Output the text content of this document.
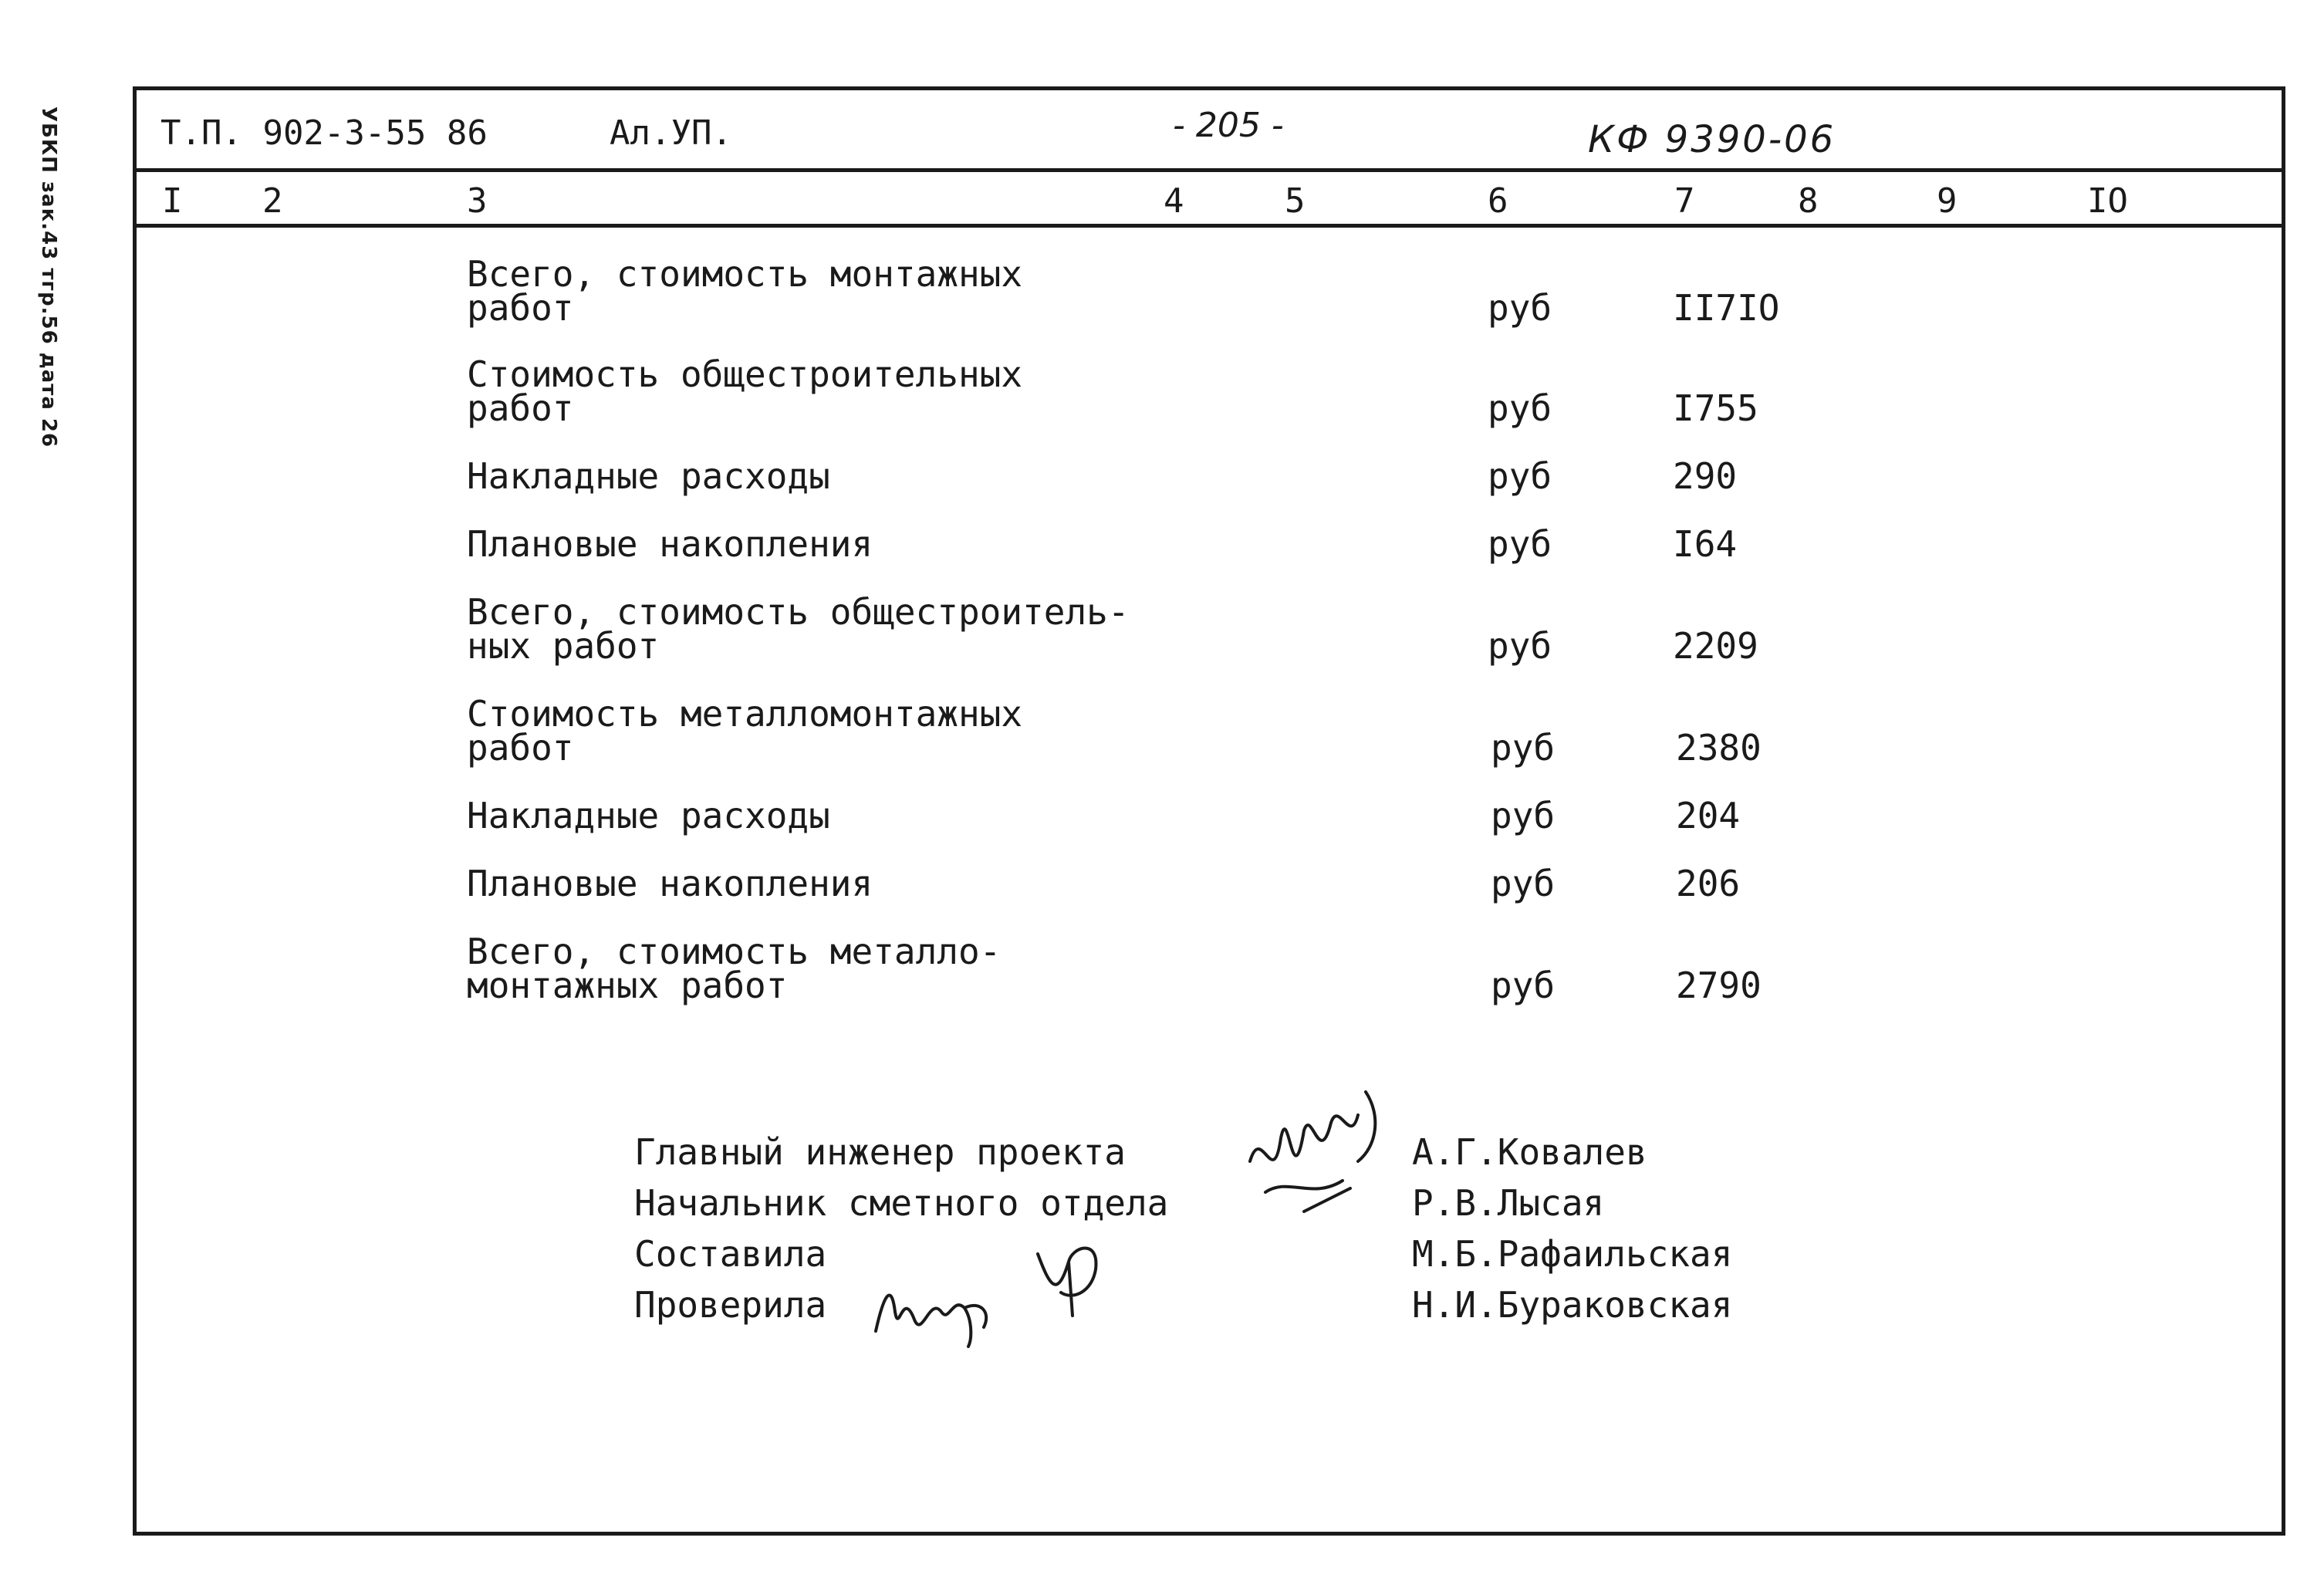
УБКП зак.43 тгр.56 дата 26	Т.П. 902-3-55 86	Ал.УП.	- 205 -	КФ 9390-06
I 2	3	4	5	6	7	8	9	IO
Всего, стоимость монтажных
работ	руб	II7IO
Стоимость общестроительных
работ	руб	I755
Накладные расходы	руб	290
Плановые накопления	руб	I64
Всего, стоимость общестроитель-
ных работ	руб	2209
Стоимость металломонтажных
работ	руб	2380
Накладные расходы	руб	204
Плановые накопления	руб	206
Всего, стоимость металло-
монтажных работ	руб	2790
Главный инженер проекта
Начальник сметного отдела
Составила
Проверила
А.Г.Ковалев
Р.В.Лысая
М.Б.Рафаильская
Н.И.Бураковская
